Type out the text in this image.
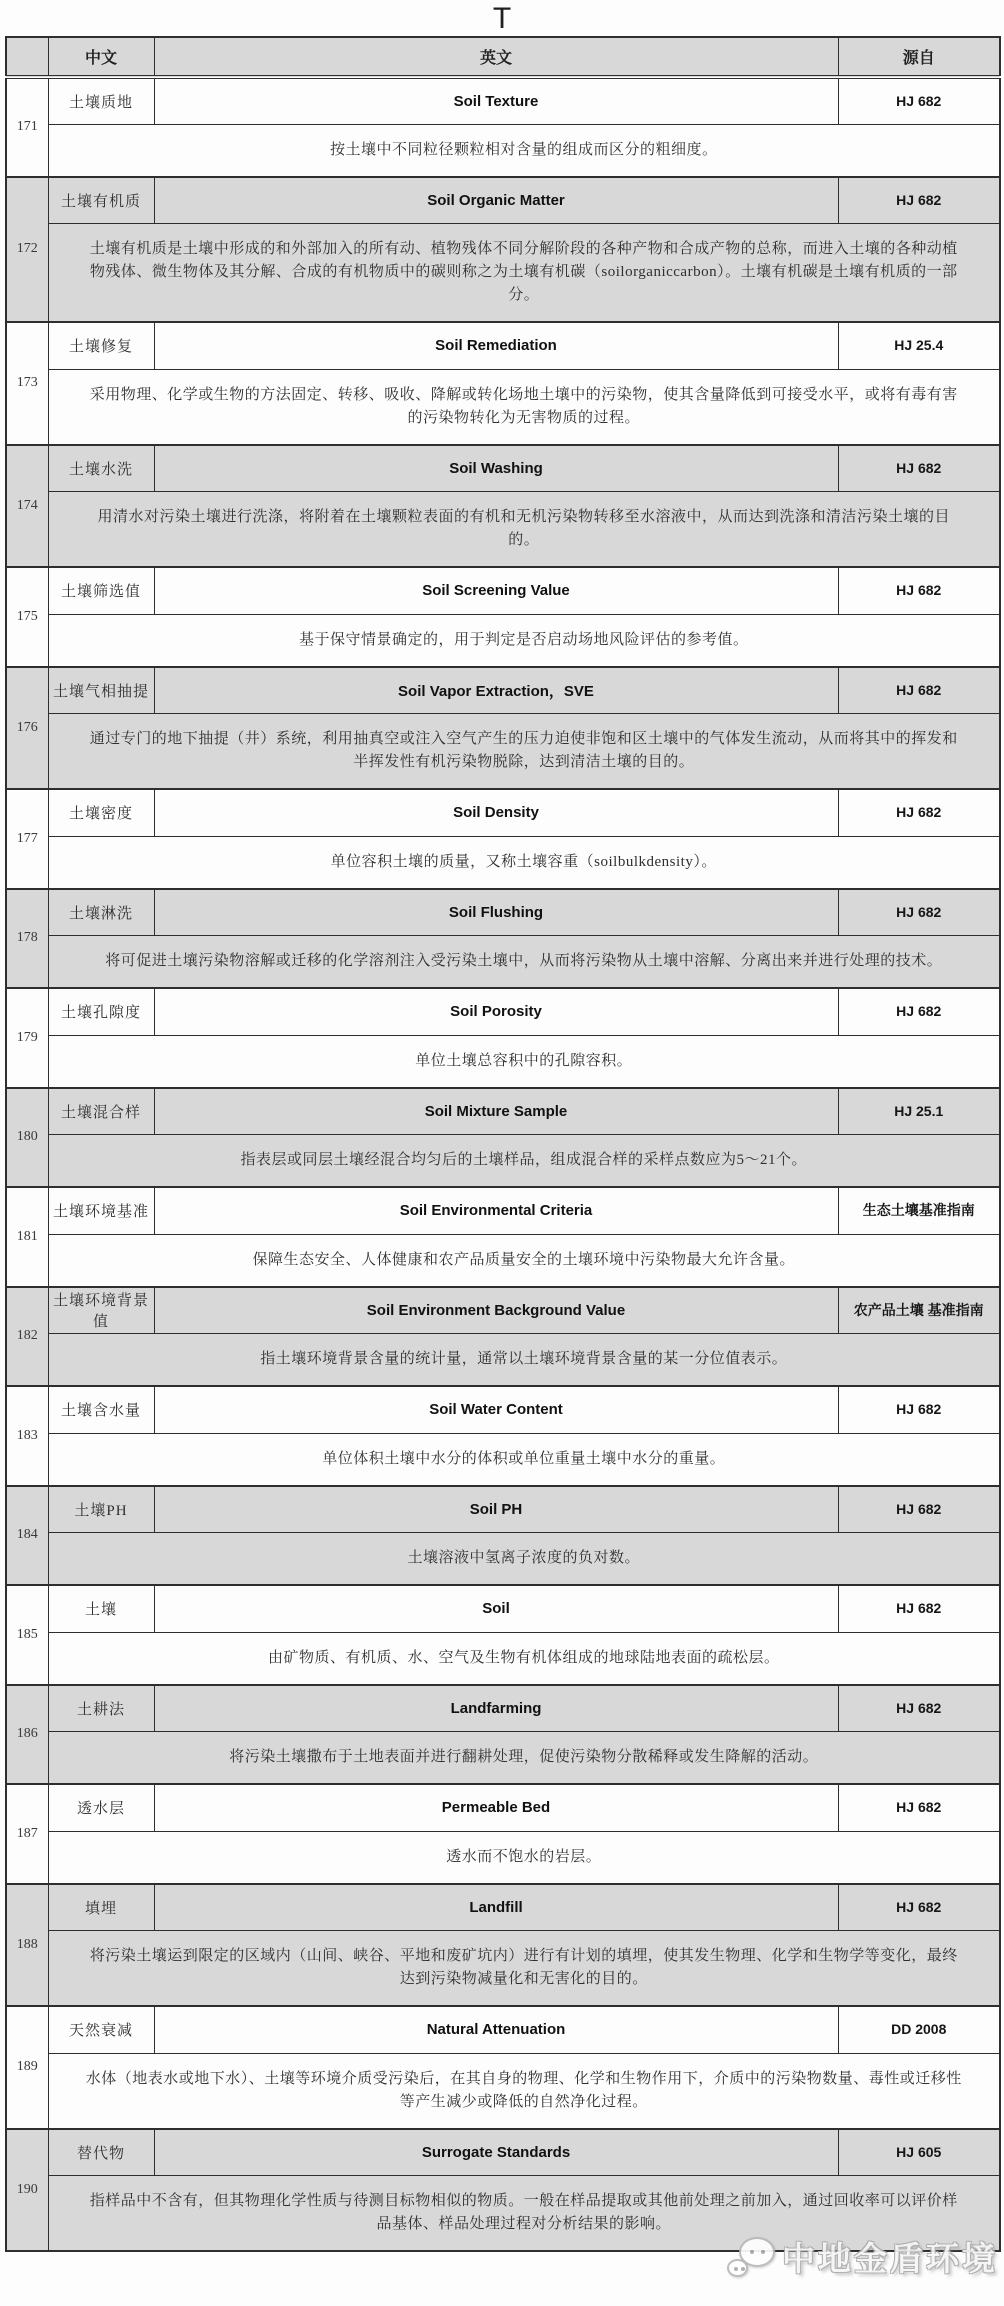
T
	中文	英文	源自
171	土壤质地	Soil Texture	HJ 682
	按土壤中不同粒径颗粒相对含量的组成而区分的粗细度。		
172	土壤有机质	Soil Organic Matter	HJ 682
	土壤有机质是土壤中形成的和外部加入的所有动、植物残体不同分解阶段的各种产物和合成产物的总称，而进入土壤的各种动植物残体、微生物体及其分解、合成的有机物质中的碳则称之为土壤有机碳（soilorganiccarbon）。土壤有机碳是土壤有机质的一部分。		
173	土壤修复	Soil Remediation	HJ 25.4
	采用物理、化学或生物的方法固定、转移、吸收、降解或转化场地土壤中的污染物，使其含量降低到可接受水平，或将有毒有害的污染物转化为无害物质的过程。		
174	土壤水洗	Soil Washing	HJ 682
	用清水对污染土壤进行洗涤，将附着在土壤颗粒表面的有机和无机污染物转移至水溶液中，从而达到洗涤和清洁污染土壤的目的。		
175	土壤筛选值	Soil Screening Value	HJ 682
	基于保守情景确定的，用于判定是否启动场地风险评估的参考值。		
176	土壤气相抽提	Soil Vapor Extraction，SVE	HJ 682
	通过专门的地下抽提（井）系统，利用抽真空或注入空气产生的压力迫使非饱和区土壤中的气体发生流动，从而将其中的挥发和半挥发性有机污染物脱除，达到清洁土壤的目的。		
177	土壤密度	Soil Density	HJ 682
	单位容积土壤的质量，又称土壤容重（soilbulkdensity）。		
178	土壤淋洗	Soil Flushing	HJ 682
	将可促进土壤污染物溶解或迁移的化学溶剂注入受污染土壤中，从而将污染物从土壤中溶解、分离出来并进行处理的技术。		
179	土壤孔隙度	Soil Porosity	HJ 682
	单位土壤总容积中的孔隙容积。		
180	土壤混合样	Soil Mixture Sample	HJ 25.1
	指表层或同层土壤经混合均匀后的土壤样品，组成混合样的采样点数应为5～21个。		
181	土壤环境基准	Soil Environmental Criteria	生态土壤基准指南
	保障生态安全、人体健康和农产品质量安全的土壤环境中污染物最大允许含量。		
182	土壤环境背景值	Soil Environment Background Value	农产品土壤 基准指南
	指土壤环境背景含量的统计量，通常以土壤环境背景含量的某一分位值表示。		
183	土壤含水量	Soil Water Content	HJ 682
	单位体积土壤中水分的体积或单位重量土壤中水分的重量。		
184	土壤PH	Soil PH	HJ 682
	土壤溶液中氢离子浓度的负对数。		
185	土壤	Soil	HJ 682
	由矿物质、有机质、水、空气及生物有机体组成的地球陆地表面的疏松层。		
186	土耕法	Landfarming	HJ 682
	将污染土壤撒布于土地表面并进行翻耕处理，促使污染物分散稀释或发生降解的活动。		
187	透水层	Permeable Bed	HJ 682
	透水而不饱水的岩层。		
188	填埋	Landfill	HJ 682
	将污染土壤运到限定的区域内（山间、峡谷、平地和废矿坑内）进行有计划的填埋，使其发生物理、化学和生物学等变化，最终达到污染物减量化和无害化的目的。		
189	天然衰减	Natural Attenuation	DD 2008
	水体（地表水或地下水）、土壤等环境介质受污染后，在其自身的物理、化学和生物作用下，介质中的污染物数量、毒性或迁移性等产生减少或降低的自然净化过程。		
190	替代物	Surrogate Standards	HJ 605
	指样品中不含有，但其物理化学性质与待测目标物相似的物质。一般在样品提取或其他前处理之前加入，通过回收率可以评价样品基体、样品处理过程对分析结果的影响。		
中地金盾环境
